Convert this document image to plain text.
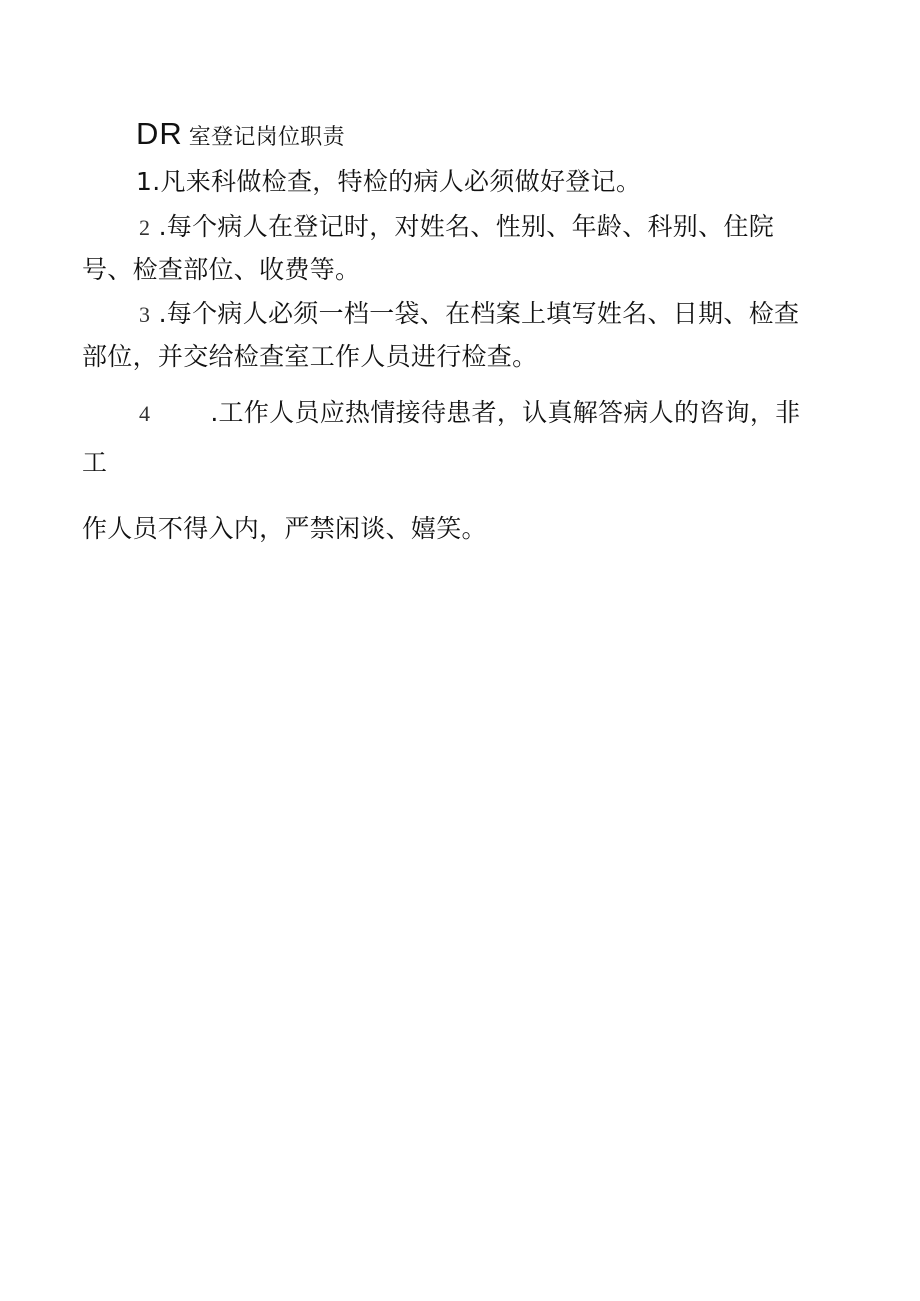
DR 室登记岗位职责
1.凡来科做检查，特检的病人必须做好登记。
2 .每个病人在登记时，对姓名、性别、年龄、科别、住院
号、检查部位、收费等。
3 .每个病人必须一档一袋、在档案上填写姓名、日期、检查
部位，并交给检查室工作人员进行检查。
4 .工作人员应热情接待患者，认真解答病人的咨询，非
工
作人员不得入内，严禁闲谈、嬉笑。
